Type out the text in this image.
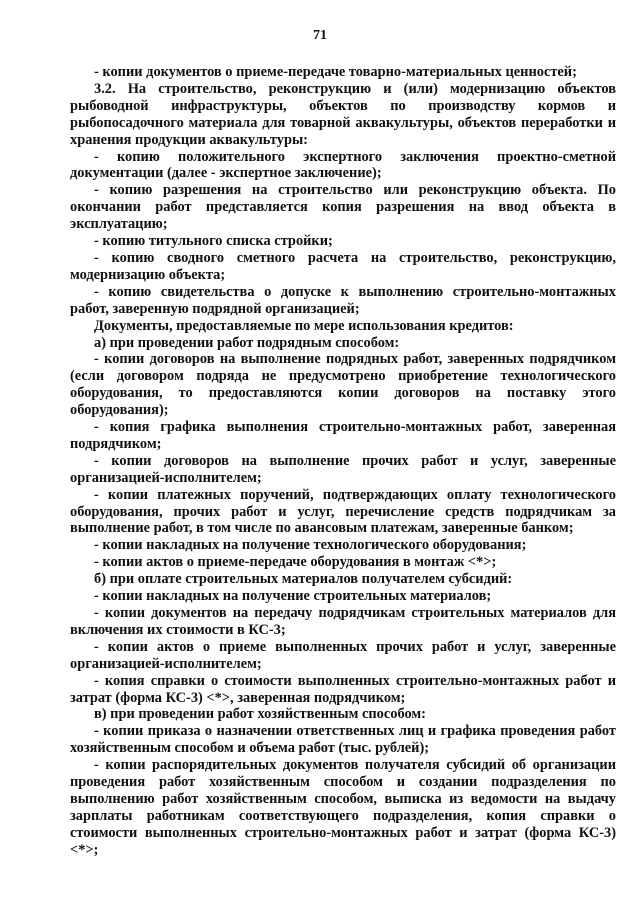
71

- копии документов о приеме-передаче товарно-материальных ценностей;

3.2. На строительство, реконструкцию и (или) модернизацию объектов рыбоводной инфраструктуры, объектов по производству кормов и рыбопосадочного материала для товарной аквакультуры, объектов переработки и хранения продукции аквакультуры:

- копию положительного экспертного заключения проектно-сметной документации (далее - экспертное заключение);

- копию разрешения на строительство или реконструкцию объекта. По окончании работ представляется копия разрешения на ввод объекта в эксплуатацию;

- копию титульного списка стройки;

- копию сводного сметного расчета на строительство, реконструкцию, модернизацию объекта;

- копию свидетельства о допуске к выполнению строительно-монтажных работ, заверенную подрядной организацией;

Документы, предоставляемые по мере использования кредитов:

а) при проведении работ подрядным способом:

- копии договоров на выполнение подрядных работ, заверенных подрядчиком (если договором подряда не предусмотрено приобретение технологического оборудования, то предоставляются копии договоров на поставку этого оборудования);

- копия графика выполнения строительно-монтажных работ, заверенная подрядчиком;

- копии договоров на выполнение прочих работ и услуг, заверенные организацией-исполнителем;

- копии платежных поручений, подтверждающих оплату технологического оборудования, прочих работ и услуг, перечисление средств подрядчикам за выполнение работ, в том числе по авансовым платежам, заверенные банком;

- копии накладных на получение технологического оборудования;

- копии актов о приеме-передаче оборудования в монтаж <*>;

б) при оплате строительных материалов получателем субсидий:

- копии накладных на получение строительных материалов;

- копии документов на передачу подрядчикам строительных материалов для включения их стоимости в КС-3;

- копии актов о приеме выполненных прочих работ и услуг, заверенные организацией-исполнителем;

- копия справки о стоимости выполненных строительно-монтажных работ и затрат (форма КС-3) <*>, заверенная подрядчиком;

в) при проведении работ хозяйственным способом:

- копии приказа о назначении ответственных лиц и графика проведения работ хозяйственным способом и объема работ (тыс. рублей);

- копии распорядительных документов получателя субсидий об организации проведения работ хозяйственным способом и создании подразделения по выполнению работ хозяйственным способом, выписка из ведомости на выдачу зарплаты работникам соответствующего подразделения, копия справки о стоимости выполненных строительно-монтажных работ и затрат (форма КС-3) <*>;
